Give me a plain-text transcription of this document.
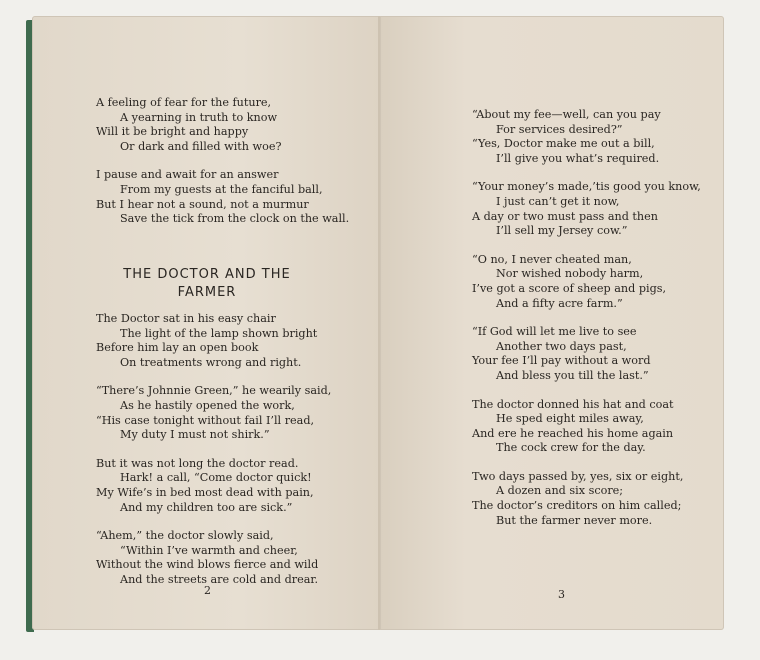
A feeling of fear for the future,
A yearning in truth to know
Will it be bright and happy
Or dark and filled with woe?
I pause and await for an answer
From my guests at the fanciful ball,
But I hear not a sound, not a murmur
Save the tick from the clock on the wall.
THE DOCTOR AND THE
FARMER
The Doctor sat in his easy chair
The light of the lamp shown bright
Before him lay an open book
On treatments wrong and right.
“There’s Johnnie Green,” he wearily said,
As he hastily opened the work,
“His case tonight without fail I’ll read,
My duty I must not shirk.”
But it was not long the doctor read.
Hark! a call, “Come doctor quick!
My Wife’s in bed most dead with pain,
And my children too are sick.”
“Ahem,” the doctor slowly said,
“Within I’ve warmth and cheer,
Without the wind blows fierce and wild
And the streets are cold and drear.
2
“About my fee—well, can you pay
For services desired?”
“Yes, Doctor make me out a bill,
I’ll give you what’s required.
“Your money’s made,’tis good you know,
I just can’t get it now,
A day or two must pass and then
I’ll sell my Jersey cow.”
“O no, I never cheated man,
Nor wished nobody harm,
I’ve got a score of sheep and pigs,
And a fifty acre farm.”
“If God will let me live to see
Another two days past,
Your fee I’ll pay without a word
And bless you till the last.”
The doctor donned his hat and coat
He sped eight miles away,
And ere he reached his home again
The cock crew for the day.
Two days passed by, yes, six or eight,
A dozen and six score;
The doctor’s creditors on him called;
But the farmer never more.
3
